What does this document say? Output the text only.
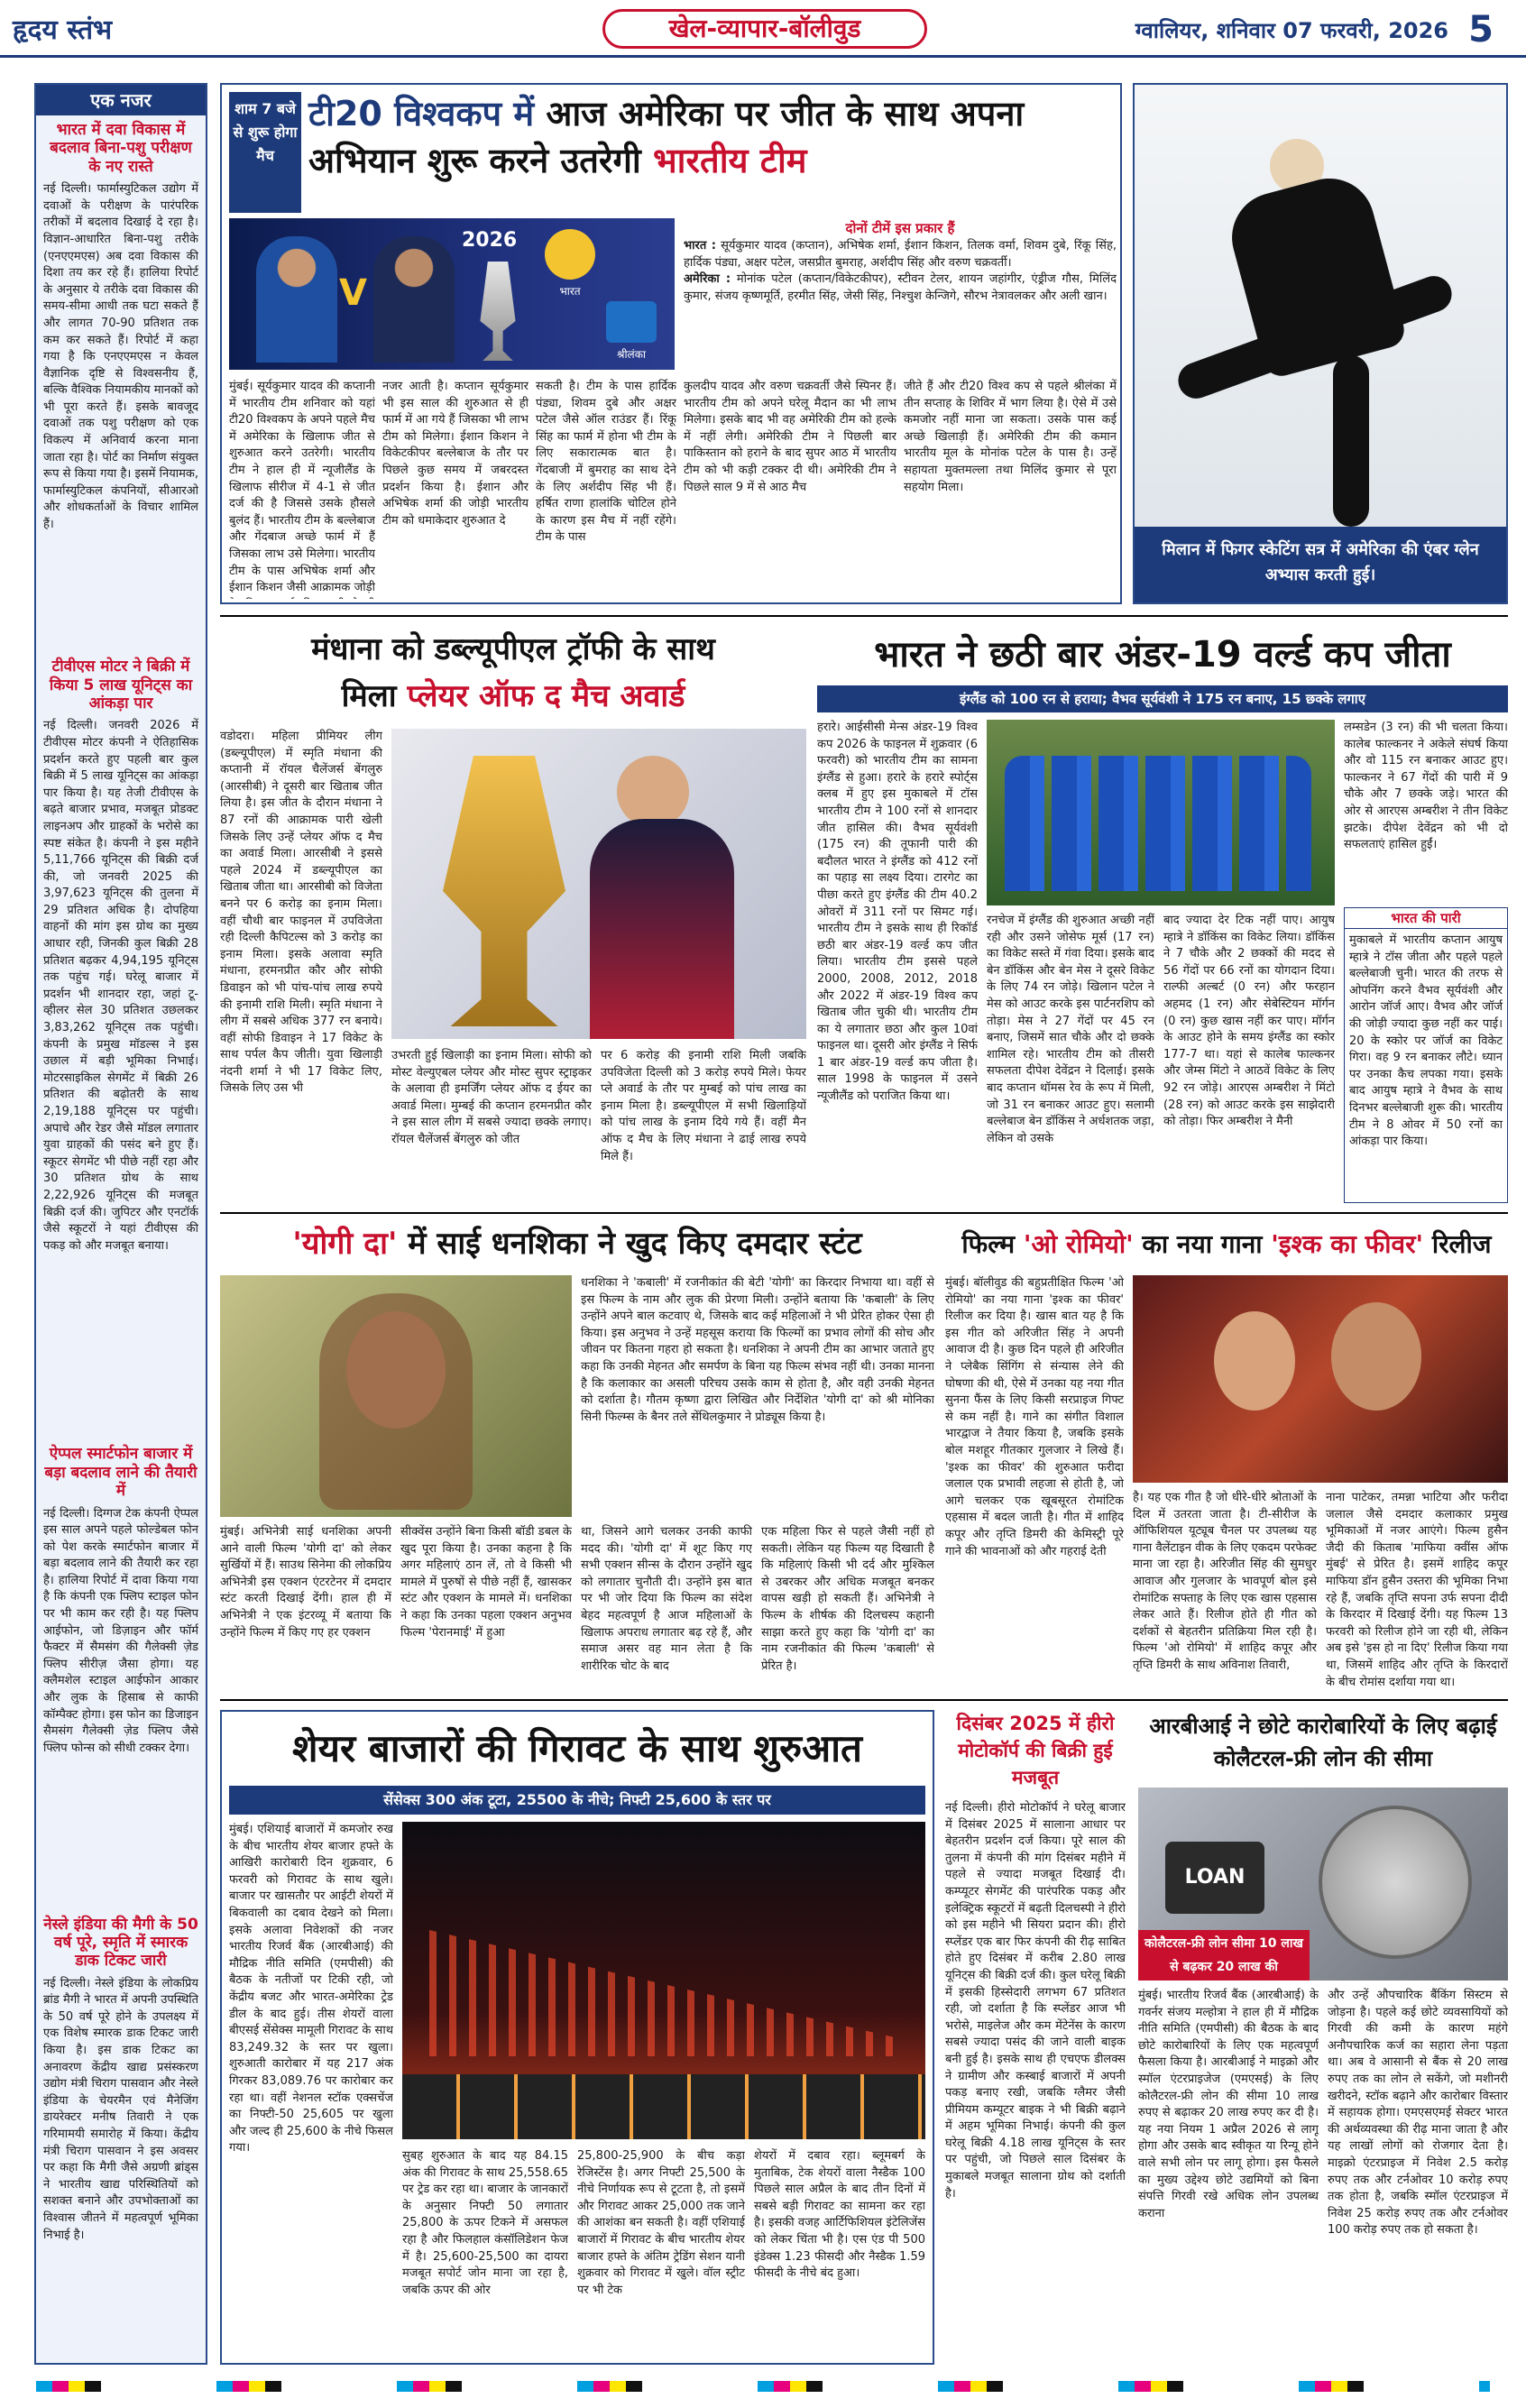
हृदय स्तंभ	खेल-व्यापार-बॉलीवुड	ग्वालियर, शनिवार 07 फरवरी, 2026 5
एक नजर
भारत में दवा विकास में बदलाव बिना-पशु परीक्षण के नए रास्ते
नई दिल्ली। फार्मास्युटिकल उद्योग में दवाओं के परीक्षण के पारंपरिक तरीकों में बदलाव दिखाई दे रहा है। विज्ञान-आधारित बिना-पशु तरीके (एनएएमएस) अब दवा विकास की दिशा तय कर रहे हैं। हालिया रिपोर्ट के अनुसार ये तरीके दवा विकास की समय-सीमा आधी तक घटा सकते हैं और लागत 70-90 प्रतिशत तक कम कर सकते हैं। रिपोर्ट में कहा गया है कि एनएएमएस न केवल वैज्ञानिक दृष्टि से विश्वसनीय हैं, बल्कि वैश्विक नियामकीय मानकों को भी पूरा करते हैं। इसके बावजूद दवाओं तक पशु परीक्षण को एक विकल्प में अनिवार्य करना माना जाता रहा है। पोर्ट का निर्माण संयुक्त रूप से किया गया है। इसमें नियामक, फार्मास्युटिकल कंपनियों, सीआरओ और शोधकर्ताओं के विचार शामिल हैं।
टीवीएस मोटर ने बिक्री में किया 5 लाख यूनिट्स का आंकड़ा पार
नई दिल्ली। जनवरी 2026 में टीवीएस मोटर कंपनी ने ऐतिहासिक प्रदर्शन करते हुए पहली बार कुल बिक्री में 5 लाख यूनिट्स का आंकड़ा पार किया है। यह तेजी टीवीएस के बढ़ते बाजार प्रभाव, मजबूत प्रोडक्ट लाइनअप और ग्राहकों के भरोसे का स्पष्ट संकेत है। कंपनी ने इस महीने 5,11,766 यूनिट्स की बिक्री दर्ज की, जो जनवरी 2025 की 3,97,623 यूनिट्स की तुलना में 29 प्रतिशत अधिक है। दोपहिया वाहनों की मांग इस ग्रोथ का मुख्य आधार रही, जिनकी कुल बिक्री 28 प्रतिशत बढ़कर 4,94,195 यूनिट्स तक पहुंच गई। घरेलू बाजार में प्रदर्शन भी शानदार रहा, जहां टू-व्हीलर सेल 30 प्रतिशत उछलकर 3,83,262 यूनिट्स तक पहुंची। कंपनी के प्रमुख मॉडल्स ने इस उछाल में बड़ी भूमिका निभाई। मोटरसाइकिल सेगमेंट में बिक्री 26 प्रतिशत की बढ़ोतरी के साथ 2,19,188 यूनिट्स पर पहुंची। अपाचे और रेडर जैसे मॉडल लगातार युवा ग्राहकों की पसंद बने हुए हैं। स्कूटर सेगमेंट भी पीछे नहीं रहा और 30 प्रतिशत ग्रोथ के साथ 2,22,926 यूनिट्स की मजबूत बिक्री दर्ज की। जुपिटर और एनटॉर्क जैसे स्कूटरों ने यहां टीवीएस की पकड़ को और मजबूत बनाया।
ऐप्पल स्मार्टफोन बाजार में बड़ा बदलाव लाने की तैयारी में
नई दिल्ली। दिग्गज टेक कंपनी ऐप्पल इस साल अपने पहले फोल्डेबल फोन को पेश करके स्मार्टफोन बाजार में बड़ा बदलाव लाने की तैयारी कर रहा है। हालिया रिपोर्ट में दावा किया गया है कि कंपनी एक फ्लिप स्टाइल फोन पर भी काम कर रही है। यह फ्लिप आईफोन, जो डिज़ाइन और फॉर्म फैक्टर में सैमसंग की गैलेक्सी ज़ेड फ्लिप सीरीज़ जैसा होगा। यह क्लैमशेल स्टाइल आईफोन आकार और लुक के हिसाब से काफी कॉम्पैक्ट होगा। इस फोन का डिजाइन सैमसंग गैलेक्सी ज़ेड फ्लिप जैसे फ्लिप फोन्स को सीधी टक्कर देगा।
नेस्ले इंडिया की मैगी के 50 वर्ष पूरे, स्मृति में स्मारक डाक टिकट जारी
नई दिल्ली। नेस्ले इंडिया के लोकप्रिय ब्रांड मैगी ने भारत में अपनी उपस्थिति के 50 वर्ष पूरे होने के उपलक्ष्य में एक विशेष स्मारक डाक टिकट जारी किया है। इस डाक टिकट का अनावरण केंद्रीय खाद्य प्रसंस्करण उद्योग मंत्री चिराग पासवान और नेस्ले इंडिया के चेयरमैन एवं मैनेजिंग डायरेक्टर मनीष तिवारी ने एक गरिमामयी समारोह में किया। केंद्रीय मंत्री चिराग पासवान ने इस अवसर पर कहा कि मैगी जैसे अग्रणी ब्रांड्स ने भारतीय खाद्य परिस्थितियों को सशक्त बनाने और उपभोक्ताओं का विश्वास जीतने में महत्वपूर्ण भूमिका निभाई है।
शाम 7 बजे से शुरू होगा मैच
टी20 विश्वकप में आज अमेरिका पर जीत के साथ अपना अभियान शुरू करने उतरेगी भारतीय टीम
V
2026
भारत
श्रीलंका
दोनों टीमें इस प्रकार हैं
भारत : सूर्यकुमार यादव (कप्तान), अभिषेक शर्मा, ईशान किशन, तिलक वर्मा, शिवम दुबे, रिंकू सिंह, हार्दिक पंड्या, अक्षर पटेल, जसप्रीत बुमराह, अर्शदीप सिंह और वरुण चक्रवर्ती।
अमेरिका : मोनांक पटेल (कप्तान/विकेटकीपर), स्टीवन टेलर, शायन जहांगीर, एंड्रीज गौस, मिलिंद कुमार, संजय कृष्णमूर्ति, हरमीत सिंह, जेसी सिंह, निश्चुश केन्जिगे, सौरभ नेत्रावलकर और अली खान।
मुंबई। सूर्यकुमार यादव की कप्तानी में भारतीय टीम शनिवार को यहां टी20 विश्वकप के अपने पहले मैच में अमेरिका के खिलाफ जीत से शुरुआत करने उतरेगी। भारतीय टीम ने हाल ही में न्यूजीलैंड के खिलाफ सीरीज में 4-1 से जीत दर्ज की है जिससे उसके हौसले बुलंद हैं। भारतीय टीम के बल्लेबाज और गेंदबाज अच्छे फार्म में हैं जिसका लाभ उसे मिलेगा। भारतीय टीम के पास अभिषेक शर्मा और ईशान किशन जैसी आक्रामक जोड़ी
नजर आती है। कप्तान सूर्यकुमार भी इस साल की शुरुआत से ही फार्म में आ गये हैं जिसका भी लाभ टीम को मिलेगा। ईशान किशन ने विकेटकीपर बल्लेबाज के तौर पर पिछले कुछ समय में जबरदस्त प्रदर्शन किया है। ईशान और अभिषेक शर्मा की जोड़ी भारतीय टीम को धमाकेदार शुरुआत दे
सकती है। टीम के पास हार्दिक पंड्या, शिवम दुबे और अक्षर पटेल जैसे ऑल राउंडर हैं। रिंकू सिंह का फार्म में होना भी टीम के लिए सकारात्मक बात है। गेंदबाजी में बुमराह का साथ देने के लिए अर्शदीप सिंह भी हैं। हर्षित राणा हालांकि चोटिल होने के कारण इस मैच में नहीं रहेंगे। टीम के पास
कुलदीप यादव और वरुण चक्रवर्ती जैसे स्पिनर हैं। भारतीय टीम को अपने घरेलू मैदान का भी लाभ मिलेगा। इसके बाद भी वह अमेरिकी टीम को हल्के में नहीं लेगी। अमेरिकी टीम ने पिछली बार पाकिस्तान को हराने के बाद सुपर आठ में भारतीय टीम को भी कड़ी टक्कर दी थी। अमेरिकी टीम ने पिछले साल 9 में से आठ मैच
जीते हैं और टी20 विश्व कप से पहले श्रीलंका में तीन सप्ताह के शिविर में भाग लिया है। ऐसे में उसे कमजोर नहीं माना जा सकता। उसके पास कई अच्छे खिलाड़ी हैं। अमेरिकी टीम की कमान भारतीय मूल के मोनांक पटेल के पास है। उन्हें सहायता मुक्तमल्ला तथा मिलिंद कुमार से पूरा सहयोग मिला।
मिलान में फिगर स्केटिंग सत्र में अमेरिका की एंबर ग्लेन अभ्यास करती हुई।
मंधाना को डब्ल्यूपीएल ट्रॉफी के साथ
मिला प्लेयर ऑफ द मैच अवार्ड
वडोदरा। महिला प्रीमियर लीग (डब्ल्यूपीएल) में स्मृति मंधाना की कप्तानी में रॉयल चैलेंजर्स बेंगलुरु (आरसीबी) ने दूसरी बार खिताब जीत लिया है। इस जीत के दौरान मंधाना ने 87 रनों की आक्रामक पारी खेली जिसके लिए उन्हें प्लेयर ऑफ द मैच का अवार्ड मिला। आरसीबी ने इससे पहले 2024 में डब्ल्यूपीएल का खिताब जीता था। आरसीबी को विजेता बनने पर 6 करोड़ का इनाम मिला। वहीं चौथी बार फाइनल में उपविजेता रही दिल्ली कैपिटल्स को 3 करोड़ का इनाम मिला। इसके अलावा स्मृति मंधाना, हरमनप्रीत कौर और सोफी डिवाइन को भी पांच-पांच लाख रुपये की इनामी राशि मिली। स्मृति मंधाना ने लीग में सबसे अधिक 377 रन बनाये। वहीं सोफी डिवाइन ने 17 विकेट के साथ पर्पल कैप जीती। युवा खिलाड़ी नंदनी शर्मा ने भी 17 विकेट लिए, जिसके लिए उस भी
उभरती हुई खिलाड़ी का इनाम मिला। सोफी को मोस्ट वेल्युएबल प्लेयर और मोस्ट सुपर स्ट्राइकर के अलावा ही इमर्जिंग प्लेयर ऑफ द ईयर का अवार्ड मिला। मुम्बई की कप्तान हरमनप्रीत कौर ने इस साल लीग में सबसे ज्यादा छक्के लगाए। रॉयल चैलेंजर्स बेंगलुरु को जीत
पर 6 करोड़ की इनामी राशि मिली जबकि उपविजेता दिल्ली को 3 करोड़ रुपये मिले। फेयर प्ले अवार्ड के तौर पर मुम्बई को पांच लाख का इनाम मिला है। डब्ल्यूपीएल में सभी खिलाड़ियों को पांच लाख के इनाम दिये गये हैं। वहीं मैन ऑफ द मैच के लिए मंधाना ने ढाई लाख रुपये मिले हैं।
भारत ने छठी बार अंडर-19 वर्ल्ड कप जीता
इंग्लैंड को 100 रन से हराया; वैभव सूर्यवंशी ने 175 रन बनाए, 15 छक्के लगाए
हरारे। आईसीसी मेन्स अंडर-19 विश्व कप 2026 के फाइनल में शुक्रवार (6 फरवरी) को भारतीय टीम का सामना इंग्लैंड से हुआ। हरारे के हरारे स्पोर्ट्स क्लब में हुए इस मुकाबले में टॉस भारतीय टीम ने 100 रनों से शानदार जीत हासिल की। वैभव सूर्यवंशी (175 रन) की तूफानी पारी की बदौलत भारत ने इंग्लैंड को 412 रनों का पहाड़ सा लक्ष्य दिया। टारगेट का पीछा करते हुए इंग्लैंड की टीम 40.2 ओवरों में 311 रनों पर सिमट गई। भारतीय टीम ने इसके साथ ही रिकॉर्ड छठी बार अंडर-19 वर्ल्ड कप जीत लिया। भारतीय टीम इससे पहले 2000, 2008, 2012, 2018 और 2022 में अंडर-19 विश्व कप खिताब जीत चुकी थी। भारतीय टीम का ये लगातार छठा और कुल 10वां फाइनल था। दूसरी ओर इंग्लैंड ने सिर्फ 1 बार अंडर-19 वर्ल्ड कप जीता है। साल 1998 के फाइनल में उसने न्यूजीलैंड को पराजित किया था।
रनचेज में इंग्लैंड की शुरुआत अच्छी नहीं रही और उसने जोसेफ मूर्स (17 रन) का विकेट सस्ते में गंवा दिया। इसके बाद बेन डॉकिंस और बेन मेस ने दूसरे विकेट के लिए 74 रन जोड़े। खिलान पटेल ने मेस को आउट करके इस पार्टनरशिप को तोड़ा। मेस ने 27 गेंदों पर 45 रन बनाए, जिसमें सात चौके और दो छक्के शामिल रहे। भारतीय टीम को तीसरी सफलता दीपेश देवेंद्रन ने दिलाई। इसके बाद कप्तान थॉमस रेव के रूप में मिली, जो 31 रन बनाकर आउट हुए। सलामी बल्लेबाज बेन डॉकिंस ने अर्धशतक जड़ा, लेकिन वो उसके
बाद ज्यादा देर टिक नहीं पाए। आयुष म्हात्रे ने डॉकिंस का विकेट लिया। डॉकिंस ने 7 चौके और 2 छक्कों की मदद से 56 गेंदों पर 66 रनों का योगदान दिया। राल्फी अल्बर्ट (0 रन) और फरहान अहमद (1 रन) और सेबेस्टियन मॉर्गन (0 रन) कुछ खास नहीं कर पाए। मॉर्गन के आउट होने के समय इंग्लैंड का स्कोर 177-7 था। यहां से कालेब फाल्कनर और जेम्स मिंटो ने आठवें विकेट के लिए 92 रन जोड़े। आरएस अम्बरीश ने मिंटो (28 रन) को आउट करके इस साझेदारी को तोड़ा। फिर अम्बरीश ने मैनी
लम्सडेन (3 रन) की भी चलता किया। कालेब फाल्कनर ने अकेले संघर्ष किया और वो 115 रन बनाकर आउट हुए। फाल्कनर ने 67 गेंदों की पारी में 9 चौके और 7 छक्के जड़े। भारत की ओर से आरएस अम्बरीश ने तीन विकेट झटके। दीपेश देवेंद्रन को भी दो सफलताएं हासिल हुईं।
भारत की पारी
मुकाबले में भारतीय कप्तान आयुष म्हात्रे ने टॉस जीता और पहले पहले बल्लेबाजी चुनी। भारत की तरफ से ओपनिंग करने वैभव सूर्यवंशी और आरोन जॉर्ज आए। वैभव और जॉर्ज की जोड़ी ज्यादा कुछ नहीं कर पाई। 20 के स्कोर पर जॉर्ज का विकेट गिरा। वह 9 रन बनाकर लौटे। ध्यान पर उनका कैच लपका गया। इसके बाद आयुष म्हात्रे ने वैभव के साथ दिनभर बल्लेबाजी शुरू की। भारतीय टीम ने 8 ओवर में 50 रनों का आंकड़ा पार किया।
'योगी दा' में साई धनशिका ने खुद किए दमदार स्टंट
धनशिका ने 'कबाली' में रजनीकांत की बेटी 'योगी' का किरदार निभाया था। वहीं से इस फिल्म के नाम और लुक की प्रेरणा मिली। उन्होंने बताया कि 'कबाली' के लिए उन्होंने अपने बाल कटवाए थे, जिसके बाद कई महिलाओं ने भी प्रेरित होकर ऐसा ही किया। इस अनुभव ने उन्हें महसूस कराया कि फिल्मों का प्रभाव लोगों की सोच और जीवन पर कितना गहरा हो सकता है। धनशिका ने अपनी टीम का आभार जताते हुए कहा कि उनकी मेहनत और समर्पण के बिना यह फिल्म संभव नहीं थी। उनका मानना है कि कलाकार का असली परिचय उसके काम से होता है, और वही उनकी मेहनत को दर्शाता है। गौतम कृष्णा द्वारा लिखित और निर्देशित 'योगी दा' को श्री मोनिका सिनी फिल्म्स के बैनर तले सेंथिलकुमार ने प्रोड्यूस किया है।
मुंबई। अभिनेत्री साई धनशिका अपनी आने वाली फिल्म 'योगी दा' को लेकर सुर्खियों में हैं। साउथ सिनेमा की लोकप्रिय अभिनेत्री इस एक्शन एंटरटेनर में दमदार स्टंट करती दिखाई देंगी। हाल ही में अभिनेत्री ने एक इंटरव्यू में बताया कि उन्होंने फिल्म में किए गए हर एक्शन
सीक्वेंस उन्होंने बिना किसी बॉडी डबल के खुद पूरा किया है। उनका कहना है कि अगर महिलाएं ठान लें, तो वे किसी भी मामले में पुरुषों से पीछे नहीं हैं, खासकर स्टंट और एक्शन के मामले में। धनशिका ने कहा कि उनका पहला एक्शन अनुभव फिल्म 'पेरानमाई' में हुआ
था, जिसने आगे चलकर उनकी काफी मदद की। 'योगी दा' में शूट किए गए सभी एक्शन सीन्स के दौरान उन्होंने खुद को लगातार चुनौती दी। उन्होंने इस बात पर भी जोर दिया कि फिल्म का संदेश बेहद महत्वपूर्ण है आज महिलाओं के खिलाफ अपराध लगातार बढ़ रहे हैं, और समाज असर वह मान लेता है कि शारीरिक चोट के बाद
एक महिला फिर से पहले जैसी नहीं हो सकती। लेकिन यह फिल्म यह दिखाती है कि महिलाएं किसी भी दर्द और मुश्किल से उबरकर और अधिक मजबूत बनकर वापस खड़ी हो सकती हैं। अभिनेत्री ने फिल्म के शीर्षक की दिलचस्प कहानी साझा करते हुए कहा कि 'योगी दा' का नाम रजनीकांत की फिल्म 'कबाली' से प्रेरित है।
फिल्म 'ओ रोमियो' का नया गाना 'इश्क का फीवर' रिलीज
मुंबई। बॉलीवुड की बहुप्रतीक्षित फिल्म 'ओ रोमियो' का नया गाना 'इश्क का फीवर' रिलीज कर दिया है। खास बात यह है कि इस गीत को अरिजीत सिंह ने अपनी आवाज दी है। कुछ दिन पहले ही अरिजीत ने प्लेबैक सिंगिंग से संन्यास लेने की घोषणा की थी, ऐसे में उनका यह नया गीत सुनना फैंस के लिए किसी सरप्राइज गिफ्ट से कम नहीं है। गाने का संगीत विशाल भारद्वाज ने तैयार किया है, जबकि इसके बोल मशहूर गीतकार गुलजार ने लिखे हैं। 'इश्क का फीवर' की शुरुआत फरीदा जलाल एक प्रभावी लहजा से होती है, जो आगे चलकर एक खूबसूरत रोमांटिक एहसास में बदल जाती है। गीत में शाहिद कपूर और तृप्ति डिमरी की केमिस्ट्री पूरे गाने की भावनाओं को और गहराई देती
है। यह एक गीत है जो धीरे-धीरे श्रोताओं के दिल में उतरता जाता है। टी-सीरीज के ऑफिशियल यूट्यूब चैनल पर उपलब्ध यह गाना वैलेंटाइन वीक के लिए एकदम परफेक्ट माना जा रहा है। अरिजीत सिंह की सुमधुर आवाज और गुलजार के भावपूर्ण बोल इसे रोमांटिक सफ्ताह के लिए एक खास एहसास लेकर आते हैं। रिलीज होते ही गीत को दर्शकों से बेहतरीन प्रतिक्रिया मिल रही है। फिल्म 'ओ रोमियो' में शाहिद कपूर और तृप्ति डिमरी के साथ अविनाश तिवारी,
नाना पाटेकर, तमन्ना भाटिया और फरीदा जलाल जैसे दमदार कलाकार प्रमुख भूमिकाओं में नजर आएंगे। फिल्म हुसैन जैदी की किताब 'माफिया क्वींस ऑफ मुंबई' से प्रेरित है। इसमें शाहिद कपूर माफिया डॉन हुसैन उस्तरा की भूमिका निभा रहे हैं, जबकि तृप्ति सपना उर्फ सपना दीदी के किरदार में दिखाई देंगी। यह फिल्म 13 फरवरी को रिलीज होने जा रही थी, लेकिन अब इसे 'इस हो ना दिए' रिलीज किया गया था, जिसमें शाहिद और तृप्ति के किरदारों के बीच रोमांस दर्शाया गया था।
शेयर बाजारों की गिरावट के साथ शुरुआत
सेंसेक्स 300 अंक टूटा, 25500 के नीचे; निफ्टी 25,600 के स्तर पर
मुंबई। एशियाई बाजारों में कमजोर रुख के बीच भारतीय शेयर बाजार हफ्ते के आखिरी कारोबारी दिन शुक्रवार, 6 फरवरी को गिरावट के साथ खुले। बाजार पर खासतौर पर आईटी शेयरों में बिकवाली का दबाव देखने को मिला। इसके अलावा निवेशकों की नजर भारतीय रिजर्व बैंक (आरबीआई) की मौद्रिक नीति समिति (एमपीसी) की बैठक के नतीजों पर टिकी रही, जो केंद्रीय बजट और भारत-अमेरिका ट्रेड डील के बाद हुई। तीस शेयरों वाला बीएसई सेंसेक्स मामूली गिरावट के साथ 83,249.32 के स्तर पर खुला। शुरुआती कारोबार में यह 217 अंक गिरकर 83,089.76 पर कारोबार कर रहा था। वहीं नेशनल स्टॉक एक्सचेंज का निफ्टी-50 25,605 पर खुला और जल्द ही 25,600 के नीचे फिसल गया।
सुबह शुरुआत के बाद यह 84.15 अंक की गिरावट के साथ 25,558.65 पर ट्रेड कर रहा था। बाजार के जानकारों के अनुसार निफ्टी 50 लगातार 25,800 के ऊपर टिकने में असफल रहा है और फिलहाल कंसॉलिडेशन फेज में है। 25,600-25,500 का दायरा मजबूत सपोर्ट जोन माना जा रहा है, जबकि ऊपर की ओर
25,800-25,900 के बीच कड़ा रेजिस्टेंस है। अगर निफ्टी 25,500 के नीचे निर्णायक रूप से टूटता है, तो इसमें और गिरावट आकर 25,000 तक जाने की आशंका बन सकती है। वहीं एशियाई बाजारों में गिरावट के बीच भारतीय शेयर बाजार हफ्ते के अंतिम ट्रेडिंग सेशन यानी शुक्रवार को गिरावट में खुले। वॉल स्ट्रीट पर भी टेक
शेयरों में दबाव रहा। ब्लूमबर्ग के मुताबिक, टेक शेयरों वाला नैस्डैक 100 पिछले साल अप्रैल के बाद तीन दिनों में सबसे बड़ी गिरावट का सामना कर रहा है। इसकी वजह आर्टिफिशियल इंटेलिजेंस को लेकर चिंता भी है। एस एंड पी 500 इंडेक्स 1.23 फीसदी और नैस्डैक 1.59 फीसदी के नीचे बंद हुआ।
दिसंबर 2025 में हीरो मोटोकॉर्प की बिक्री हुई मजबूत
नई दिल्ली। हीरो मोटोकॉर्प ने घरेलू बाजार में दिसंबर 2025 में सालाना आधार पर बेहतरीन प्रदर्शन दर्ज किया। पूरे साल की तुलना में कंपनी की मांग दिसंबर महीने में पहले से ज्यादा मजबूत दिखाई दी। कम्प्यूटर सेगमेंट की पारंपरिक पकड़ और इलेक्ट्रिक स्कूटरों में बढ़ती दिलचस्पी ने हीरो को इस महीने भी सियरा प्रदान की। हीरो स्प्लेंडर एक बार फिर कंपनी की रीढ़ साबित होते हुए दिसंबर में करीब 2.80 लाख यूनिट्स की बिक्री दर्ज की। कुल घरेलू बिक्री में इसकी हिस्सेदारी लगभग 67 प्रतिशत रही, जो दर्शाता है कि स्प्लेंडर आज भी भरोसे, माइलेज और कम मेंटेनेंस के कारण सबसे ज्यादा पसंद की जाने वाली बाइक बनी हुई है। इसके साथ ही एचएफ डीलक्स ने ग्रामीण और कस्बाई बाजारों में अपनी पकड़ बनाए रखी, जबकि ग्लैमर जैसी प्रीमियम कम्यूटर बाइक ने भी बिक्री बढ़ाने में अहम भूमिका निभाई। कंपनी की कुल घरेलू बिक्री 4.18 लाख यूनिट्स के स्तर पर पहुंची, जो पिछले साल दिसंबर के मुकाबले मजबूत सालाना ग्रोथ को दर्शाती है।
आरबीआई ने छोटे कारोबारियों के लिए बढ़ाई कोलैटरल-फ्री लोन की सीमा
LOAN
कोलैटरल-फ्री लोन सीमा 10 लाख से बढ़कर 20 लाख की
मुंबई। भारतीय रिजर्व बैंक (आरबीआई) के गवर्नर संजय मल्होत्रा ने हाल ही में मौद्रिक नीति समिति (एमपीसी) की बैठक के बाद छोटे कारोबारियों के लिए एक महत्वपूर्ण फैसला किया है। आरबीआई ने माइक्रो और स्मॉल एंटरप्राइजेज (एमएसई) के लिए कोलैटरल-फ्री लोन की सीमा 10 लाख रुपए से बढ़ाकर 20 लाख रुपए कर दी है। यह नया नियम 1 अप्रैल 2026 से लागू होगा और उसके बाद स्वीकृत या रिन्यू होने वाले सभी लोन पर लागू होगा। इस फैसले का मुख्य उद्देश्य छोटे उद्यमियों को बिना संपत्ति गिरवी रखे अधिक लोन उपलब्ध कराना
और उन्हें औपचारिक बैंकिंग सिस्टम से जोड़ना है। पहले कई छोटे व्यवसायियों को गिरवी की कमी के कारण महंगे अनौपचारिक कर्ज का सहारा लेना पड़ता था। अब वे आसानी से बैंक से 20 लाख रुपए तक का लोन ले सकेंगे, जो मशीनरी खरीदने, स्टॉक बढ़ाने और कारोबार विस्तार में सहायक होगा। एमएसएमई सेक्टर भारत की अर्थव्यवस्था की रीढ़ माना जाता है और यह लाखों लोगों को रोजगार देता है। माइक्रो एंटरप्राइज में निवेश 2.5 करोड़ रुपए तक और टर्नओवर 10 करोड़ रुपए तक होता है, जबकि स्मॉल एंटरप्राइज में निवेश 25 करोड़ रुपए तक और टर्नओवर 100 करोड़ रुपए तक हो सकता है।
